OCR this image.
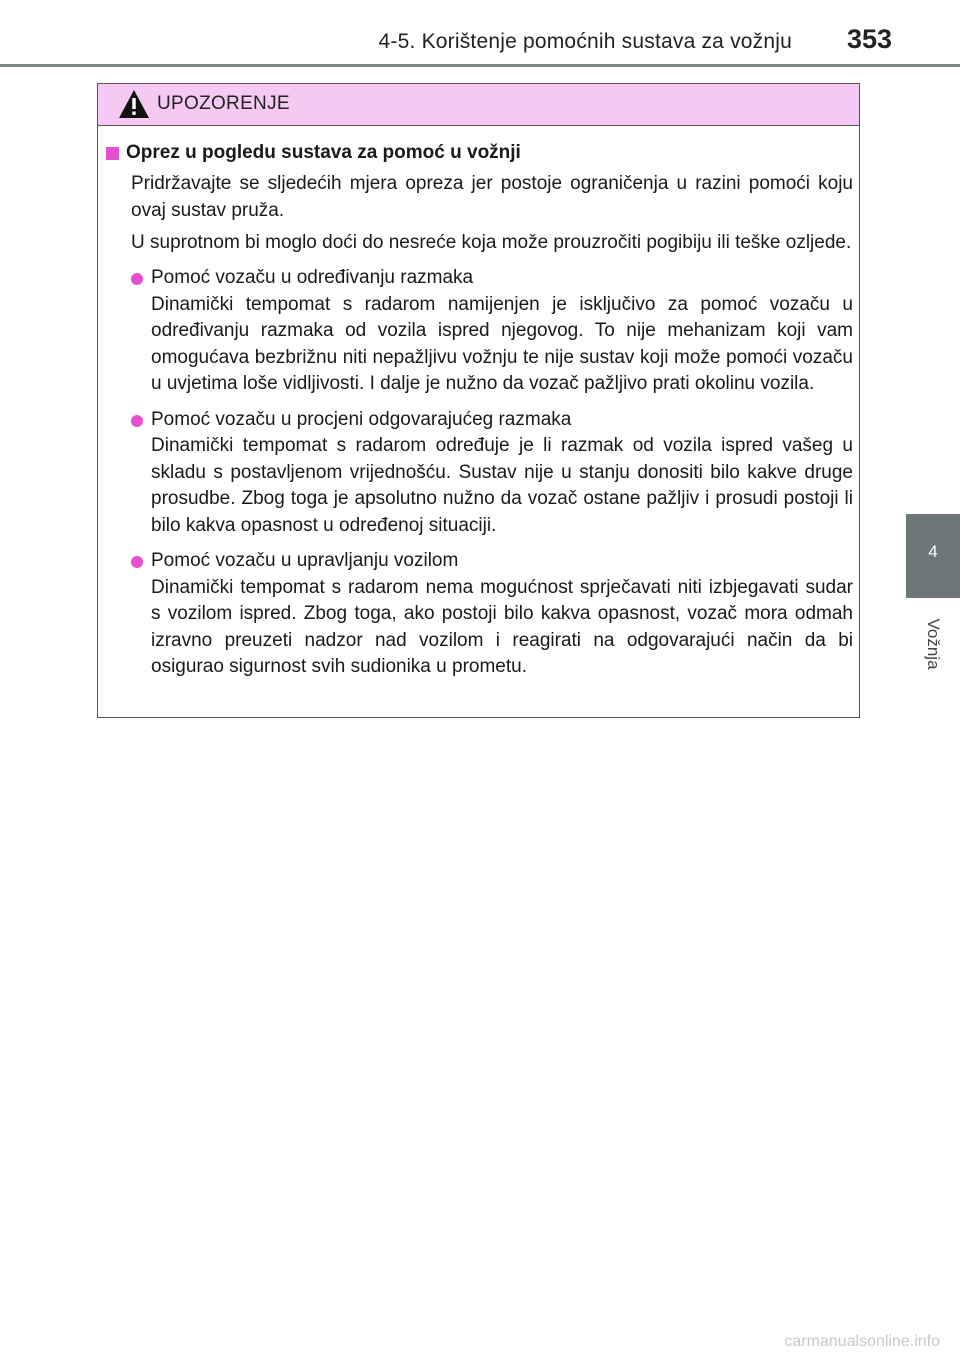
4-5. Korištenje pomoćnih sustava za vožnju 353
4
Vožnja
UPOZORENJE
Oprez u pogledu sustava za pomoć u vožnji

Pridržavajte se sljedećih mjera opreza jer postoje ograničenja u razini pomoći koju ovaj sustav pruža.

U suprotnom bi moglo doći do nesreće koja može prouzročiti pogibiju ili teške ozljede.

Pomoć vozaču u određivanju razmaka
Dinamički tempomat s radarom namijenjen je isključivo za pomoć vozaču u određivanju razmaka od vozila ispred njegovog. To nije mehanizam koji vam omogućava bezbrižnu niti nepažljivu vožnju te nije sustav koji može pomoći vozaču u uvjetima loše vidljivosti. I dalje je nužno da vozač pažljivo prati okolinu vozila.
Pomoć vozaču u procjeni odgovarajućeg razmaka
Dinamički tempomat s radarom određuje je li razmak od vozila ispred vašeg u skladu s postavljenom vrijednošću. Sustav nije u stanju donositi bilo kakve druge prosudbe. Zbog toga je apsolutno nužno da vozač ostane pažljiv i prosudi postoji li bilo kakva opasnost u određenoj situaciji.
Pomoć vozaču u upravljanju vozilom
Dinamički tempomat s radarom nema mogućnost sprječavati niti izbjegavati sudar s vozilom ispred. Zbog toga, ako postoji bilo kakva opasnost, vozač mora odmah izravno preuzeti nadzor nad vozilom i reagirati na odgovarajući način da bi osigurao sigurnost svih sudionika u prometu.
carmanualsonline.info
